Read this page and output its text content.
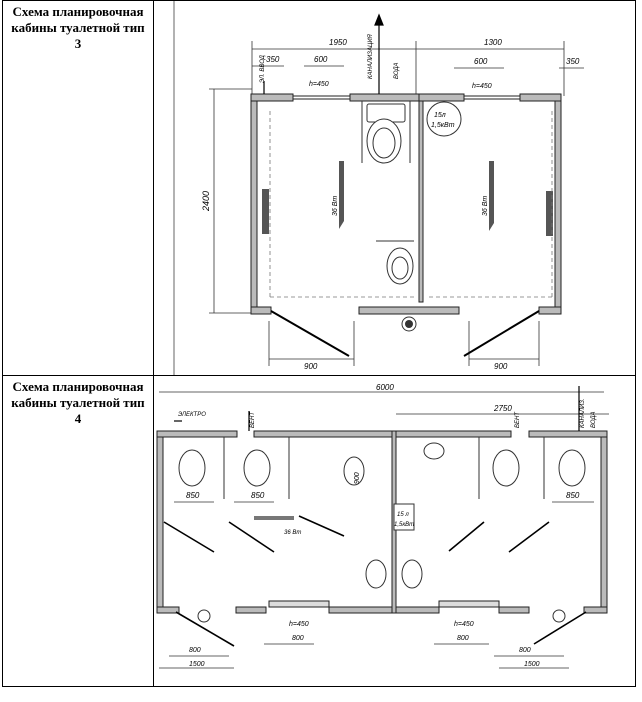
Схема планировочная кабины туалетной тип 3
Схема планировочная кабины туалетной тип 4
1950	1300
350	350
600	600
h=450	h=450
2400
900	900
ЭЛ. ВВОД	КАНАЛИЗАЦИЯ	ВОДА
36 Вт	36 Вт
15л
1,5кВт
6000
2750
850	850	850
900
36 Вт
15 л
1,5кВт
h=450	h=450
800	800
800	800
1500	1500
ЭЛЕКТРО	ВЕНТ	ВЕНТ	КАНАЛИЗ. ВОДА
